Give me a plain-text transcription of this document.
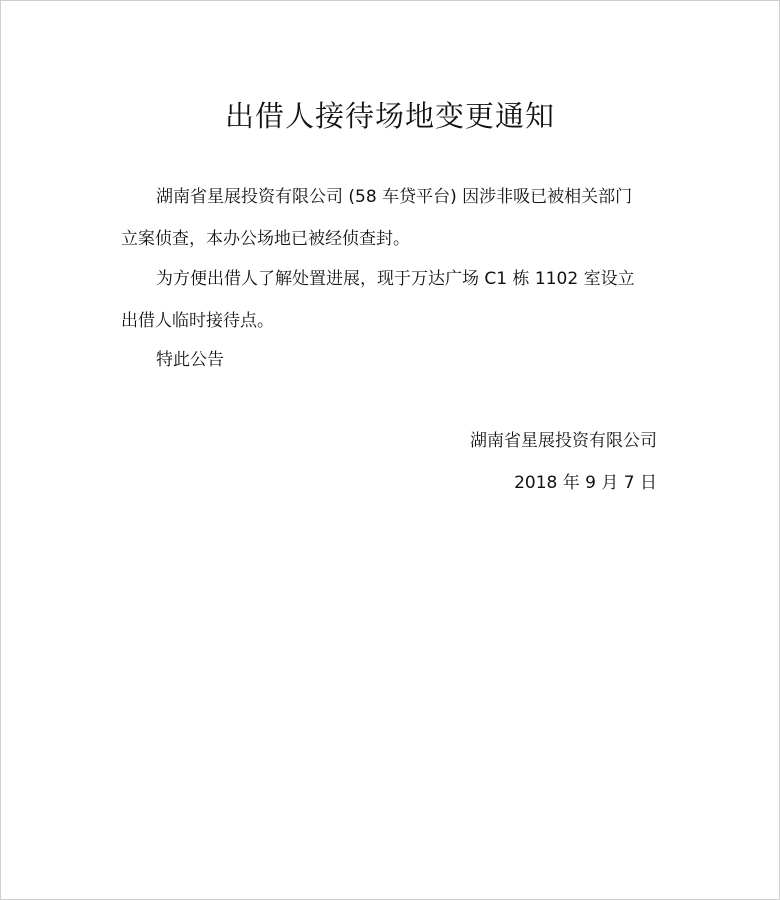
出借人接待场地变更通知
湖南省星展投资有限公司 (58 车贷平台) 因涉非吸已被相关部门
立案侦查，本办公场地已被经侦查封。
为方便出借人了解处置进展，现于万达广场 C1 栋 1102 室设立
出借人临时接待点。
特此公告
湖南省星展投资有限公司
2018 年 9 月 7 日
